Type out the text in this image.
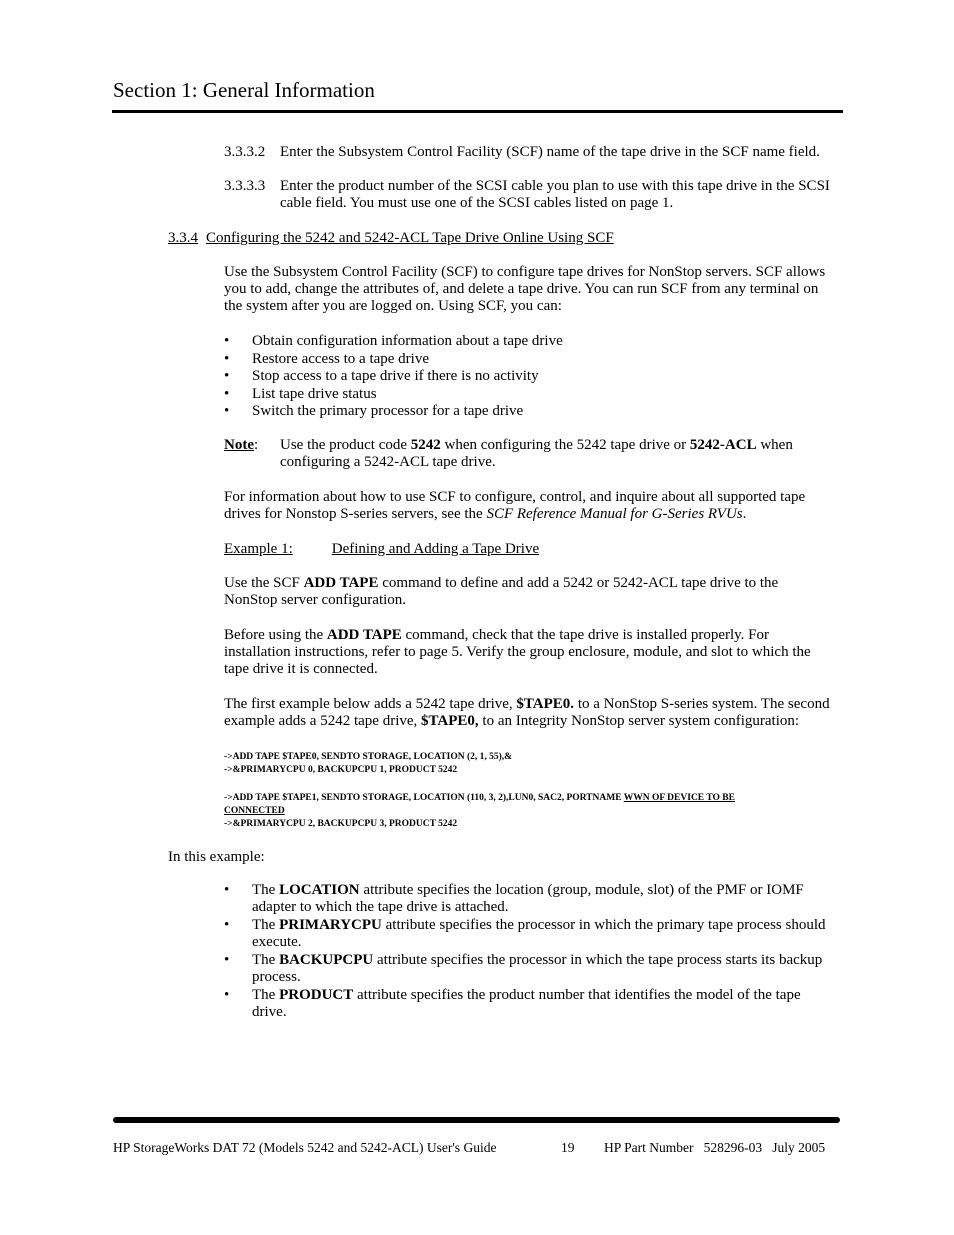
Section 1: General Information
3.3.3.2 Enter the Subsystem Control Facility (SCF) name of the tape drive in the SCF name field.
3.3.3.3 Enter the product number of the SCSI cable you plan to use with this tape drive in the SCSI
cable field. You must use one of the SCSI cables listed on page 1.
3.3.4 Configuring the 5242 and 5242-ACL Tape Drive Online Using SCF
Use the Subsystem Control Facility (SCF) to configure tape drives for NonStop servers. SCF allows
you to add, change the attributes of, and delete a tape drive. You can run SCF from any terminal on
the system after you are logged on. Using SCF, you can:
• Obtain configuration information about a tape drive
• Restore access to a tape drive
• Stop access to a tape drive if there is no activity
• List tape drive status
• Switch the primary processor for a tape drive
Note: Use the product code 5242 when configuring the 5242 tape drive or 5242-ACL when
configuring a 5242-ACL tape drive.
For information about how to use SCF to configure, control, and inquire about all supported tape
drives for Nonstop S-series servers, see the SCF Reference Manual for G-Series RVUs.
Example 1:	Defining and Adding a Tape Drive
Use the SCF ADD TAPE command to define and add a 5242 or 5242-ACL tape drive to the
NonStop server configuration.
Before using the ADD TAPE command, check that the tape drive is installed properly. For
installation instructions, refer to page 5. Verify the group enclosure, module, and slot to which the
tape drive it is connected.
The first example below adds a 5242 tape drive, $TAPE0. to a NonStop S-series system. The second
example adds a 5242 tape drive, $TAPE0, to an Integrity NonStop server system configuration:
->ADD TAPE $TAPE0, SENDTO STORAGE, LOCATION (2, 1, 55),&
->&PRIMARYCPU 0, BACKUPCPU 1, PRODUCT 5242
->ADD TAPE $TAPE1, SENDTO STORAGE, LOCATION (110, 3, 2),LUN0, SAC2, PORTNAME WWN OF DEVICE TO BE
CONNECTED
->&PRIMARYCPU 2, BACKUPCPU 3, PRODUCT 5242
In this example:
• The LOCATION attribute specifies the location (group, module, slot) of the PMF or IOMF
adapter to which the tape drive is attached.
• The PRIMARYCPU attribute specifies the processor in which the primary tape process should
execute.
• The BACKUPCPU attribute specifies the processor in which the tape process starts its backup
process.
• The PRODUCT attribute specifies the product number that identifies the model of the tape
drive.
HP StorageWorks DAT 72 (Models 5242 and 5242-ACL) User's Guide	19 HP Part Number   528296-03   July 2005
